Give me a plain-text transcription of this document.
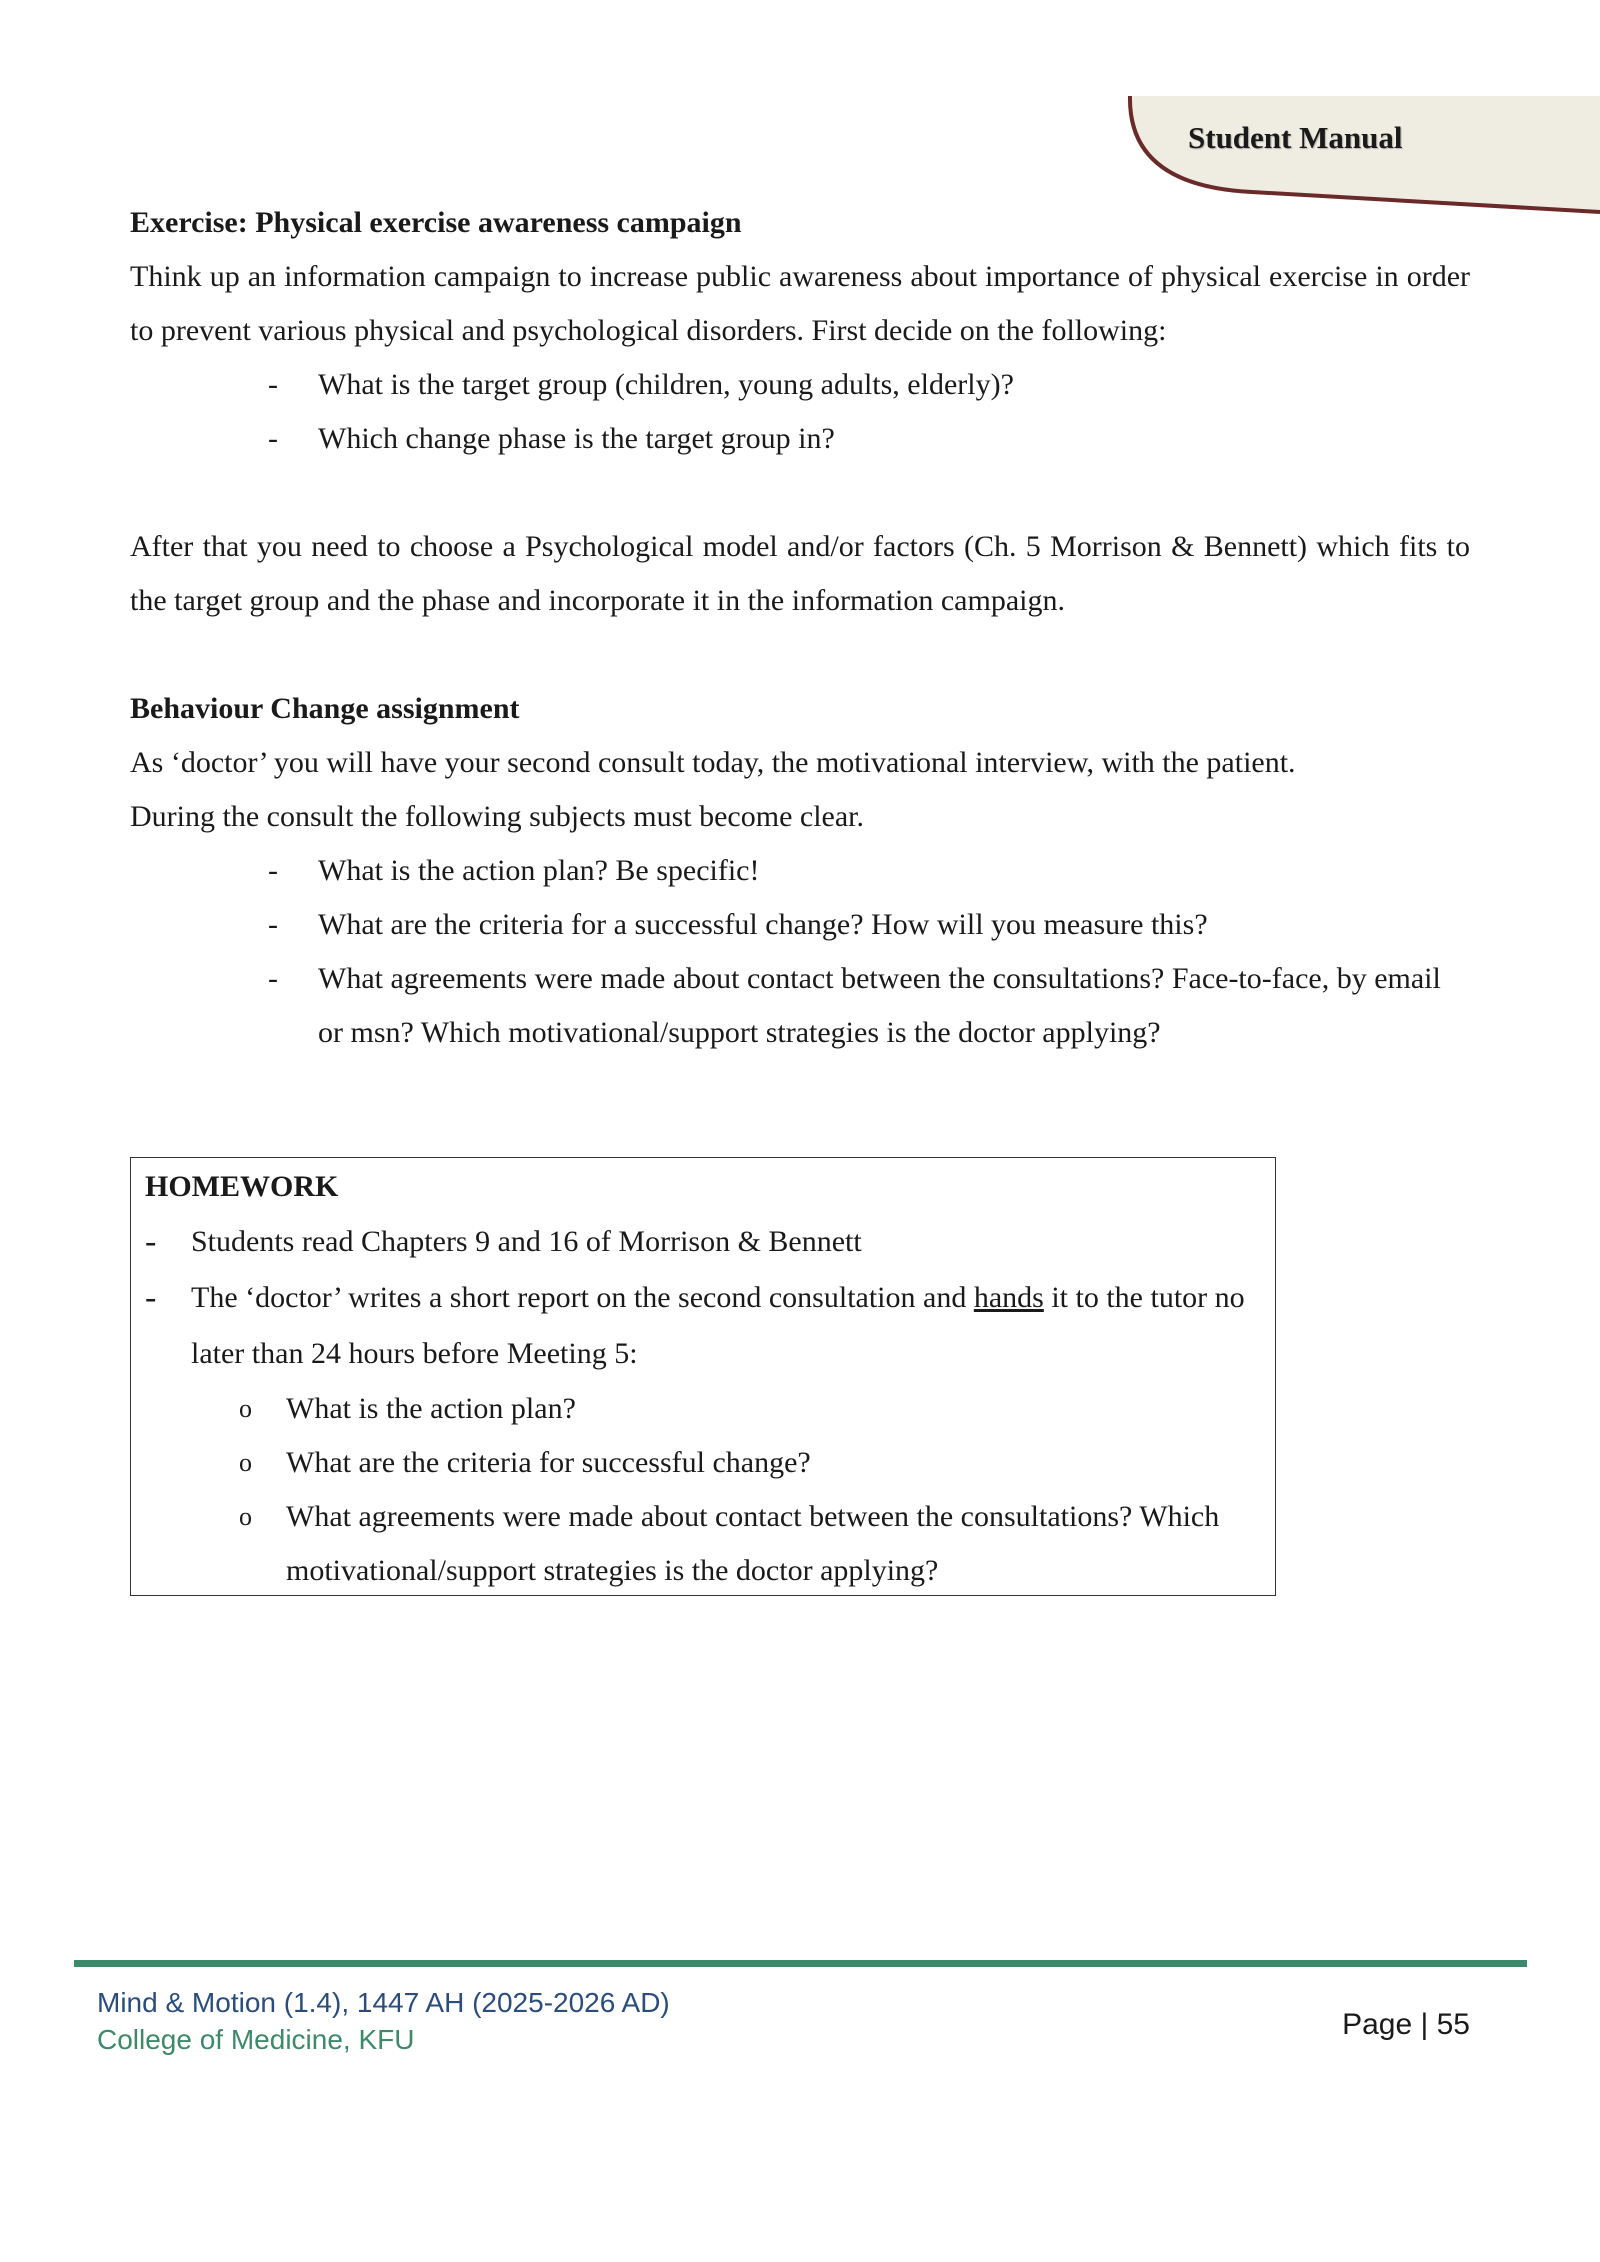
Student Manual

Exercise: Physical exercise awareness campaign

Think up an information campaign to increase public awareness about importance of physical exercise in order to prevent various physical and psychological disorders. First decide on the following:

- What is the target group (children, young adults, elderly)?
- Which change phase is the target group in?

After that you need to choose a Psychological model and/or factors (Ch. 5 Morrison & Bennett) which fits to the target group and the phase and incorporate it in the information campaign.

Behaviour Change assignment

As ‘doctor’ you will have your second consult today, the motivational interview, with the patient.

During the consult the following subjects must become clear.

- What is the action plan? Be specific!
- What are the criteria for a successful change? How will you measure this?
- What agreements were made about contact between the consultations? Face-to-face, by email or msn? Which motivational/support strategies is the doctor applying?

HOMEWORK

- Students read Chapters 9 and 16 of Morrison & Bennett
- The ‘doctor’ writes a short report on the second consultation and hands it to the tutor no later than 24 hours before Meeting 5:
o What is the action plan?
o What are the criteria for successful change?
o What agreements were made about contact between the consultations? Which motivational/support strategies is the doctor applying?
Mind & Motion (1.4), 1447 AH (2025-2026 AD)
College of Medicine, KFU	Page | 55
